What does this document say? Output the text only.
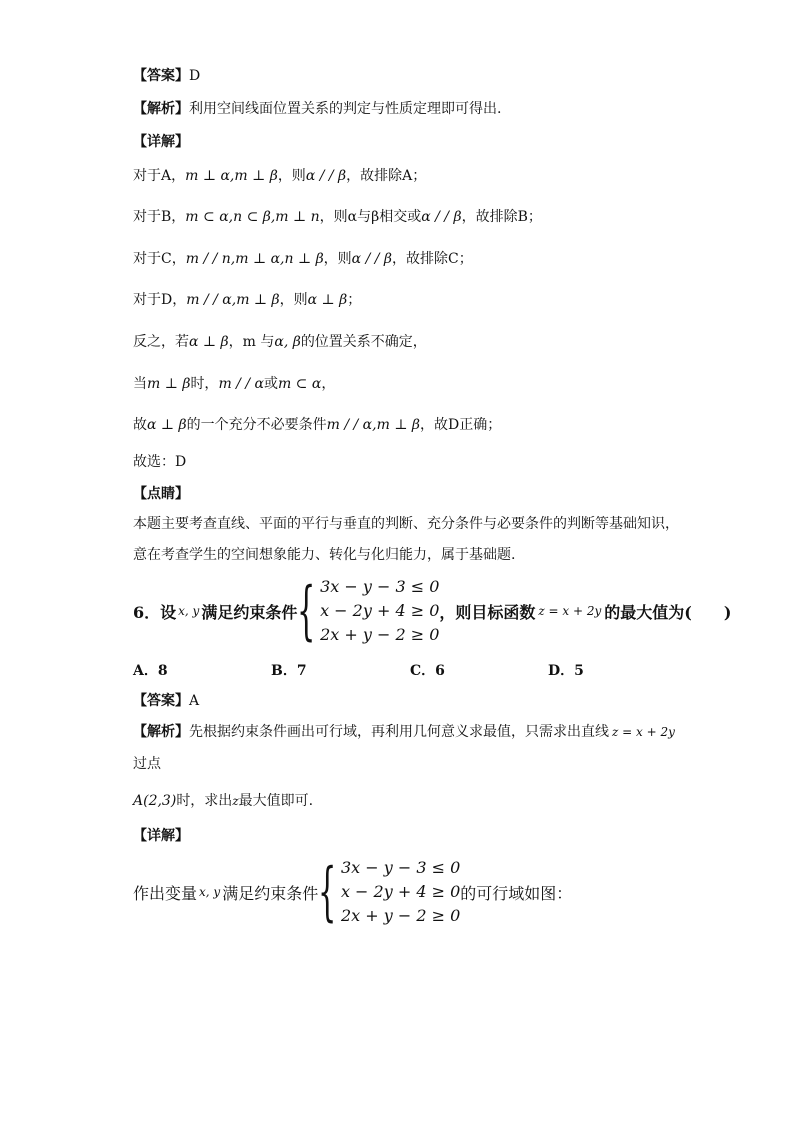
【答案】D
【解析】利用空间线面位置关系的判定与性质定理即可得出.
【详解】
对于A，m ⊥ α,m ⊥ β，则α / / β，故排除A；
对于B，m ⊂ α,n ⊂ β,m ⊥ n，则α与β相交或α / / β，故排除B；
对于C，m / / n,m ⊥ α,n ⊥ β，则α / / β，故排除C；
对于D，m / / α,m ⊥ β，则α ⊥ β；
反之，若α ⊥ β，m 与α, β的位置关系不确定，
当m ⊥ β时，m / / α或m ⊂ α，
故α ⊥ β的一个充分不必要条件m / / α,m ⊥ β，故D正确；
故选：D
【点睛】
本题主要考查直线、平面的平行与垂直的判断、充分条件与必要条件的判断等基础知识，
意在考查学生的空间想象能力、转化与化归能力，属于基础题.
6．设 x, y 满足约束条件 { 3x − y − 3 ≤ 0
x − 2y + 4 ≥ 0
2x + y − 2 ≥ 0
，则目标函数 z = x + 2y 的最大值为(　　)
A．8	B．7	C．6	D．5
【答案】A
【解析】先根据约束条件画出可行域，再利用几何意义求最值，只需求出直线 z = x + 2y
过点
A(2,3)时，求出z最大值即可.
【详解】
作出变量 x, y 满足约束条件 { 3x − y − 3 ≤ 0
x − 2y + 4 ≥ 0
2x + y − 2 ≥ 0
的可行域如图：
